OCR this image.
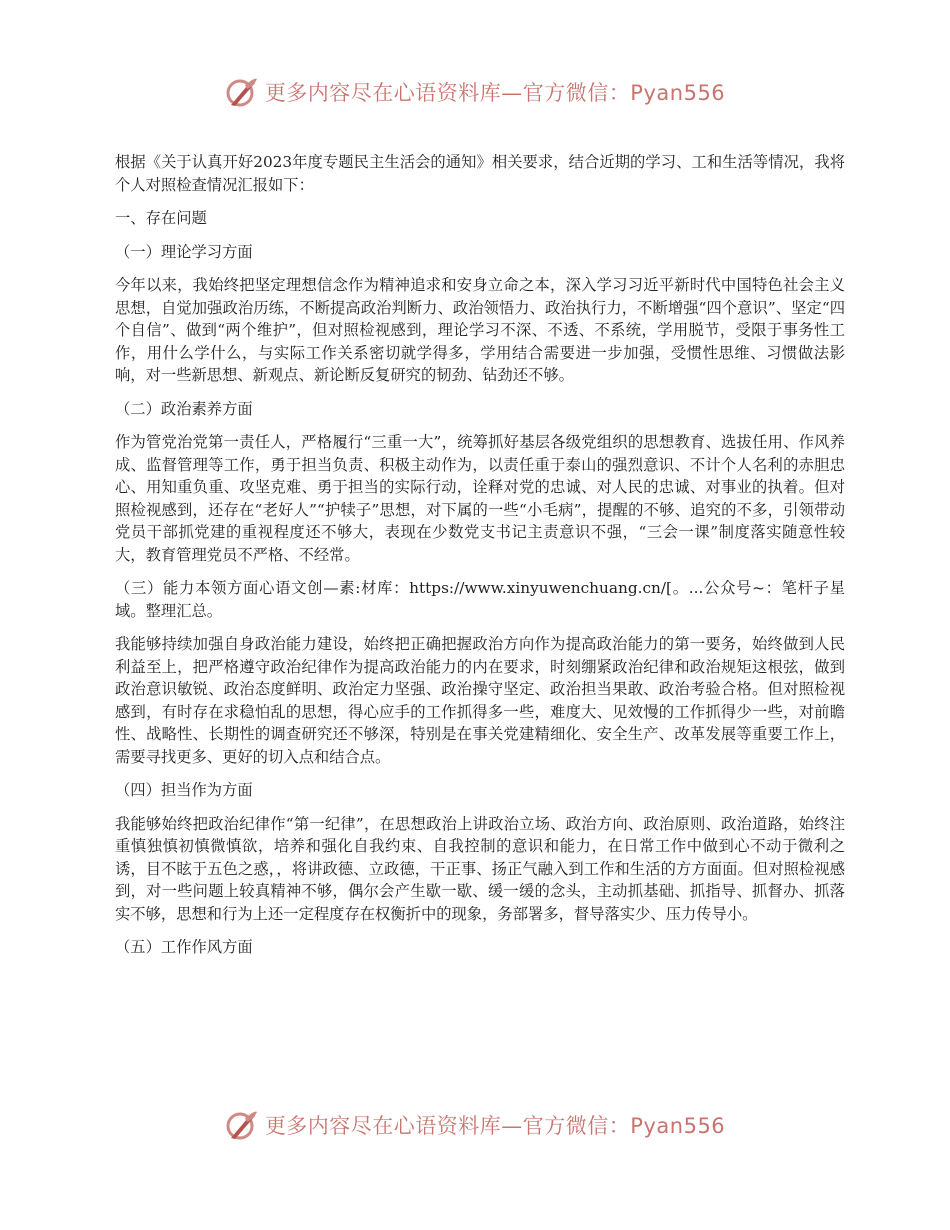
更多内容尽在心语资料库—官方微信：Pyan556

根据《关于认真开好2023年度专题民主生活会的通知》相关要求，结合近期的学习、工和生活等情况，我将个人对照检查情况汇报如下：

一、存在问题

（一）理论学习方面

今年以来，我始终把坚定理想信念作为精神追求和安身立命之本，深入学习习近平新时代中国特色社会主义思想，自觉加强政治历练，不断提高政治判断力、政治领悟力、政治执行力，不断增强“四个意识”、坚定“四个自信”、做到“两个维护”，但对照检视感到，理论学习不深、不透、不系统，学用脱节，受限于事务性工作，用什么学什么，与实际工作关系密切就学得多，学用结合需要进一步加强，受惯性思维、习惯做法影响，对一些新思想、新观点、新论断反复研究的韧劲、钻劲还不够。

（二）政治素养方面

作为管党治党第一责任人，严格履行“三重一大”，统筹抓好基层各级党组织的思想教育、选拔任用、作风养成、监督管理等工作，勇于担当负责、积极主动作为，以责任重于泰山的强烈意识、不计个人名利的赤胆忠心、用知重负重、攻坚克难、勇于担当的实际行动，诠释对党的忠诚、对人民的忠诚、对事业的执着。但对照检视感到，还存在“老好人”“护犊子”思想，对下属的一些“小毛病”，提醒的不够、追究的不多，引领带动党员干部抓党建的重视程度还不够大，表现在少数党支书记主责意识不强，“三会一课”制度落实随意性较大，教育管理党员不严格、不经常。

（三）能力本领方面心语文创—素:材库：https://www.xinyuwenchuang.cn/[。...公众号~：笔杆子星域。整理汇总。

我能够持续加强自身政治能力建设，始终把正确把握政治方向作为提高政治能力的第一要务，始终做到人民利益至上，把严格遵守政治纪律作为提高政治能力的内在要求，时刻绷紧政治纪律和政治规矩这根弦，做到政治意识敏锐、政治态度鲜明、政治定力坚强、政治操守坚定、政治担当果敢、政治考验合格。但对照检视感到，有时存在求稳怕乱的思想，得心应手的工作抓得多一些，难度大、见效慢的工作抓得少一些，对前瞻性、战略性、长期性的调查研究还不够深，特别是在事关党建精细化、安全生产、改革发展等重要工作上，需要寻找更多、更好的切入点和结合点。

（四）担当作为方面

我能够始终把政治纪律作“第一纪律”，在思想政治上讲政治立场、政治方向、政治原则、政治道路，始终注重慎独慎初慎微慎欲，培养和强化自我约束、自我控制的意识和能力，在日常工作中做到心不动于微利之诱，目不眩于五色之惑，，将讲政德、立政德，干正事、扬正气融入到工作和生活的方方面面。但对照检视感到，对一些问题上较真精神不够，偶尔会产生歇一歇、缓一缓的念头，主动抓基础、抓指导、抓督办、抓落实不够，思想和行为上还一定程度存在权衡折中的现象，务部署多，督导落实少、压力传导小。

（五）工作作风方面

更多内容尽在心语资料库—官方微信：Pyan556
